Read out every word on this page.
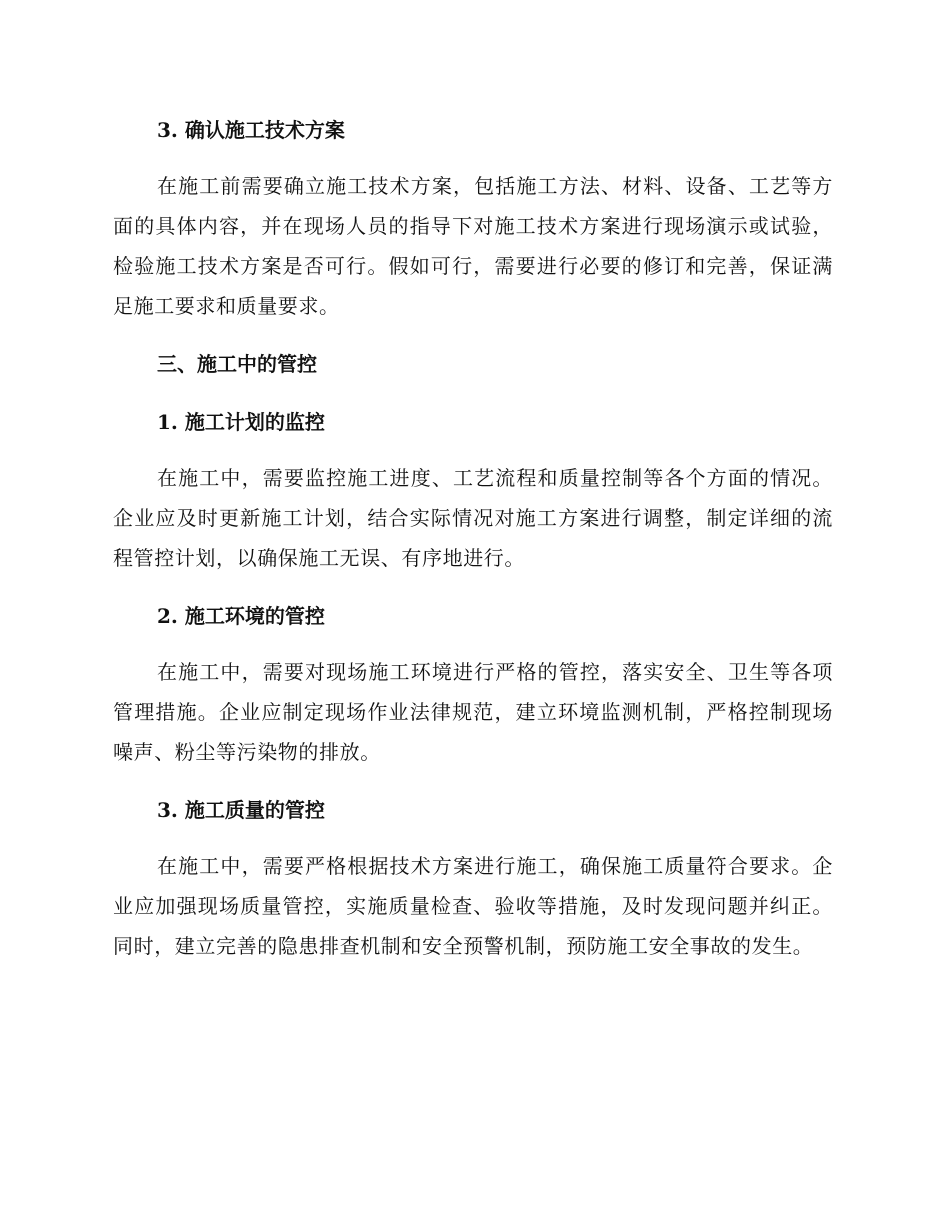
3. 确认施工技术方案

在施工前需要确立施工技术方案，包括施工方法、材料、设备、工艺等方面的具体内容，并在现场人员的指导下对施工技术方案进行现场演示或试验，检验施工技术方案是否可行。假如可行，需要进行必要的修订和完善，保证满足施工要求和质量要求。

三、施工中的管控
1. 施工计划的监控

在施工中，需要监控施工进度、工艺流程和质量控制等各个方面的情况。企业应及时更新施工计划，结合实际情况对施工方案进行调整，制定详细的流程管控计划，以确保施工无误、有序地进行。

2. 施工环境的管控

在施工中，需要对现场施工环境进行严格的管控，落实安全、卫生等各项管理措施。企业应制定现场作业法律规范，建立环境监测机制，严格控制现场噪声、粉尘等污染物的排放。

3. 施工质量的管控

在施工中，需要严格根据技术方案进行施工，确保施工质量符合要求。企业应加强现场质量管控，实施质量检查、验收等措施，及时发现问题并纠正。同时，建立完善的隐患排查机制和安全预警机制，预防施工安全事故的发生。
